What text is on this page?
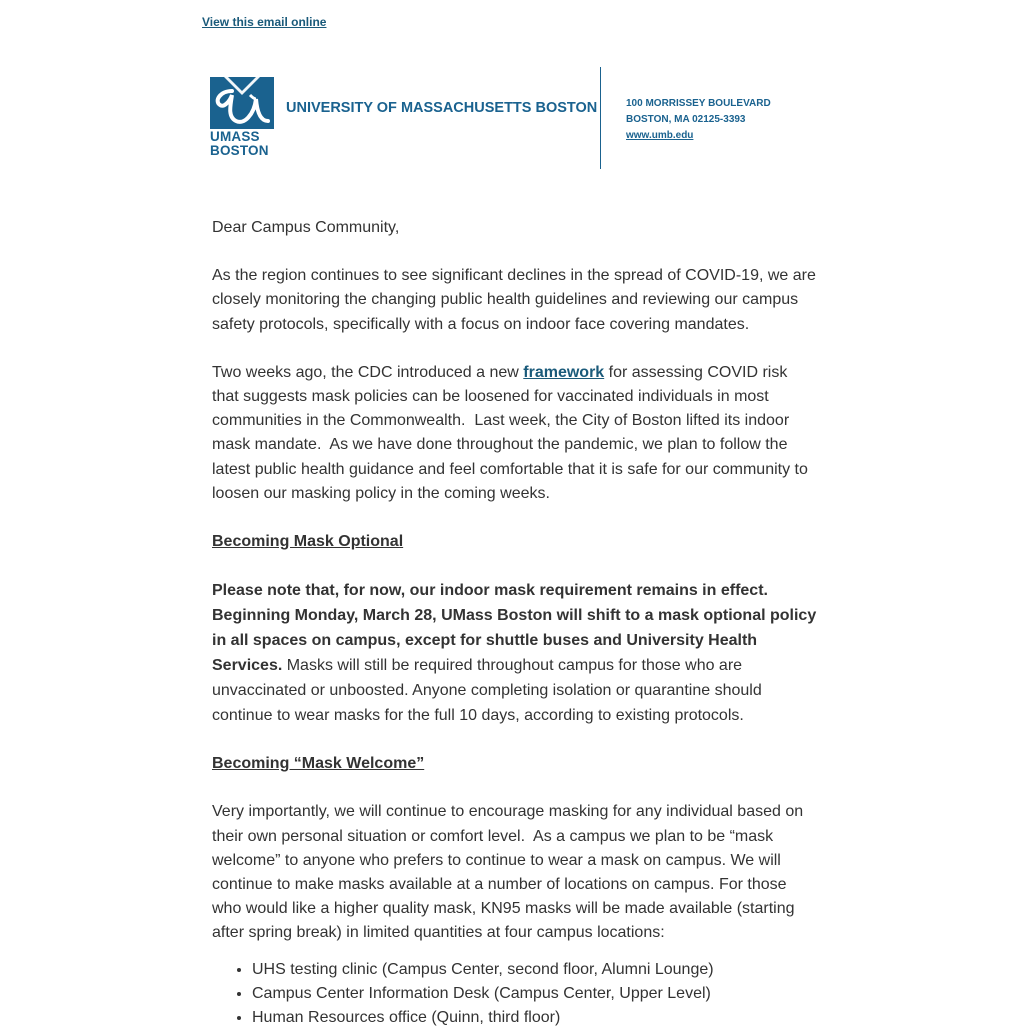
View this email online
UMASS
BOSTON
UNIVERSITY OF MASSACHUSETTS BOSTON	100 MORRISSEY BOULEVARD
BOSTON, MA 02125-3393
www.umb.edu

Dear Campus Community,

As the region continues to see significant declines in the spread of COVID-19, we are closely monitoring the changing public health guidelines and reviewing our campus safety protocols, specifically with a focus on indoor face covering mandates.

Two weeks ago, the CDC introduced a new framework for assessing COVID risk that suggests mask policies can be loosened for vaccinated individuals in most communities in the Commonwealth.  Last week, the City of Boston lifted its indoor mask mandate.  As we have done throughout the pandemic, we plan to follow the latest public health guidance and feel comfortable that it is safe for our community to loosen our masking policy in the coming weeks.

Becoming Mask Optional

Please note that, for now, our indoor mask requirement remains in effect. Beginning Monday, March 28, UMass Boston will shift to a mask optional policy in all spaces on campus, except for shuttle buses and University Health Services. Masks will still be required throughout campus for those who are unvaccinated or unboosted. Anyone completing isolation or quarantine should continue to wear masks for the full 10 days, according to existing protocols.

Becoming “Mask Welcome”

Very importantly, we will continue to encourage masking for any individual based on their own personal situation or comfort level.  As a campus we plan to be “mask welcome” to anyone who prefers to continue to wear a mask on campus. We will continue to make masks available at a number of locations on campus. For those who would like a higher quality mask, KN95 masks will be made available (starting after spring break) in limited quantities at four campus locations:

• UHS testing clinic (Campus Center, second floor, Alumni Lounge)
• Campus Center Information Desk (Campus Center, Upper Level)
• Human Resources office (Quinn, third floor)
